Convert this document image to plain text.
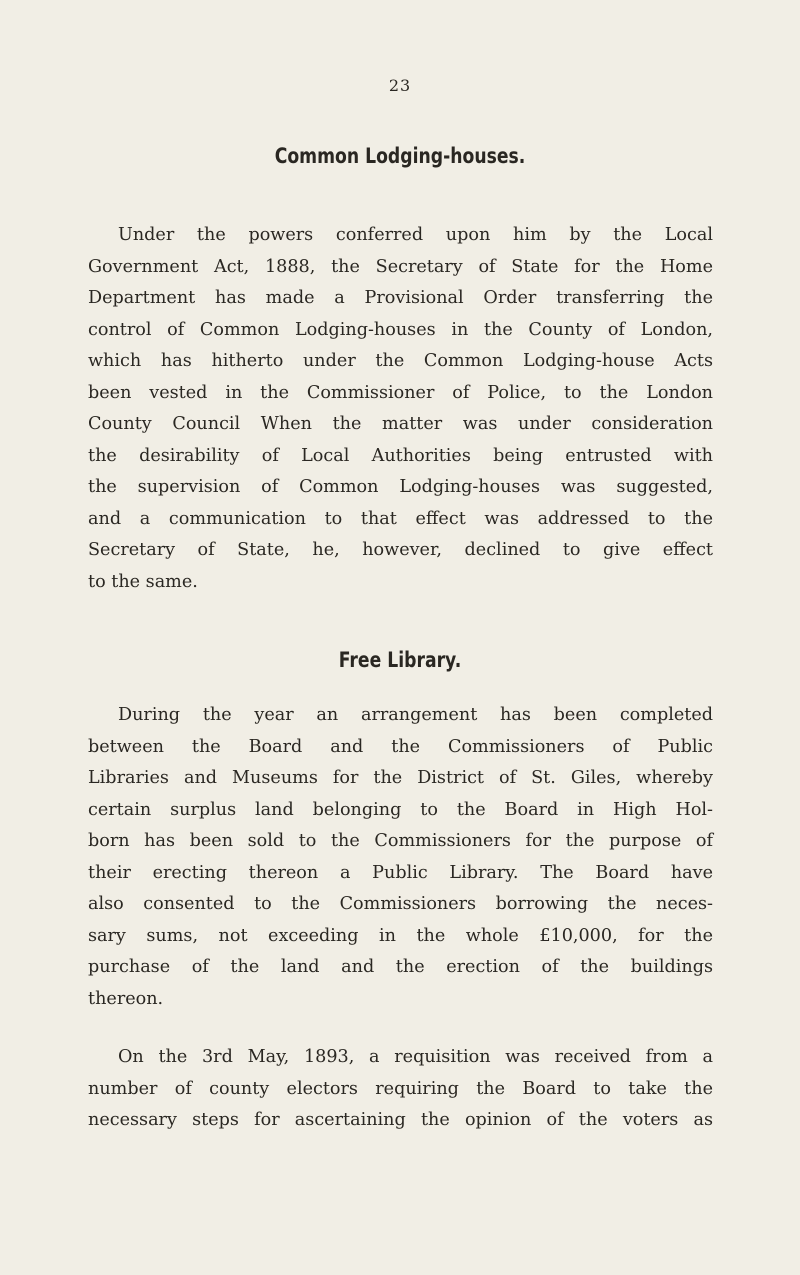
23
Common Lodging-houses.
Under the powers conferred upon him by the Local
Government Act, 1888, the Secretary of State for the Home
Department has made a Provisional Order transferring the
control of Common Lodging-houses in the County of London,
which has hitherto under the Common Lodging-house Acts
been vested in the Commissioner of Police, to the London
County Council When the matter was under consideration
the desirability of Local Authorities being entrusted with
the supervision of Common Lodging-houses was suggested,
and a communication to that effect was addressed to the
Secretary of State, he, however, declined to give effect
to the same.
Free Library.
During the year an arrangement has been completed
between the Board and the Commissioners of Public
Libraries and Museums for the District of St. Giles, whereby
certain surplus land belonging to the Board in High Hol-
born has been sold to the Commissioners for the purpose of
their erecting thereon a Public Library. The Board have
also consented to the Commissioners borrowing the neces-
sary sums, not exceeding in the whole £10,000, for the
purchase of the land and the erection of the buildings
thereon.
On the 3rd May, 1893, a requisition was received from a
number of county electors requiring the Board to take the
necessary steps for ascertaining the opinion of the voters as
